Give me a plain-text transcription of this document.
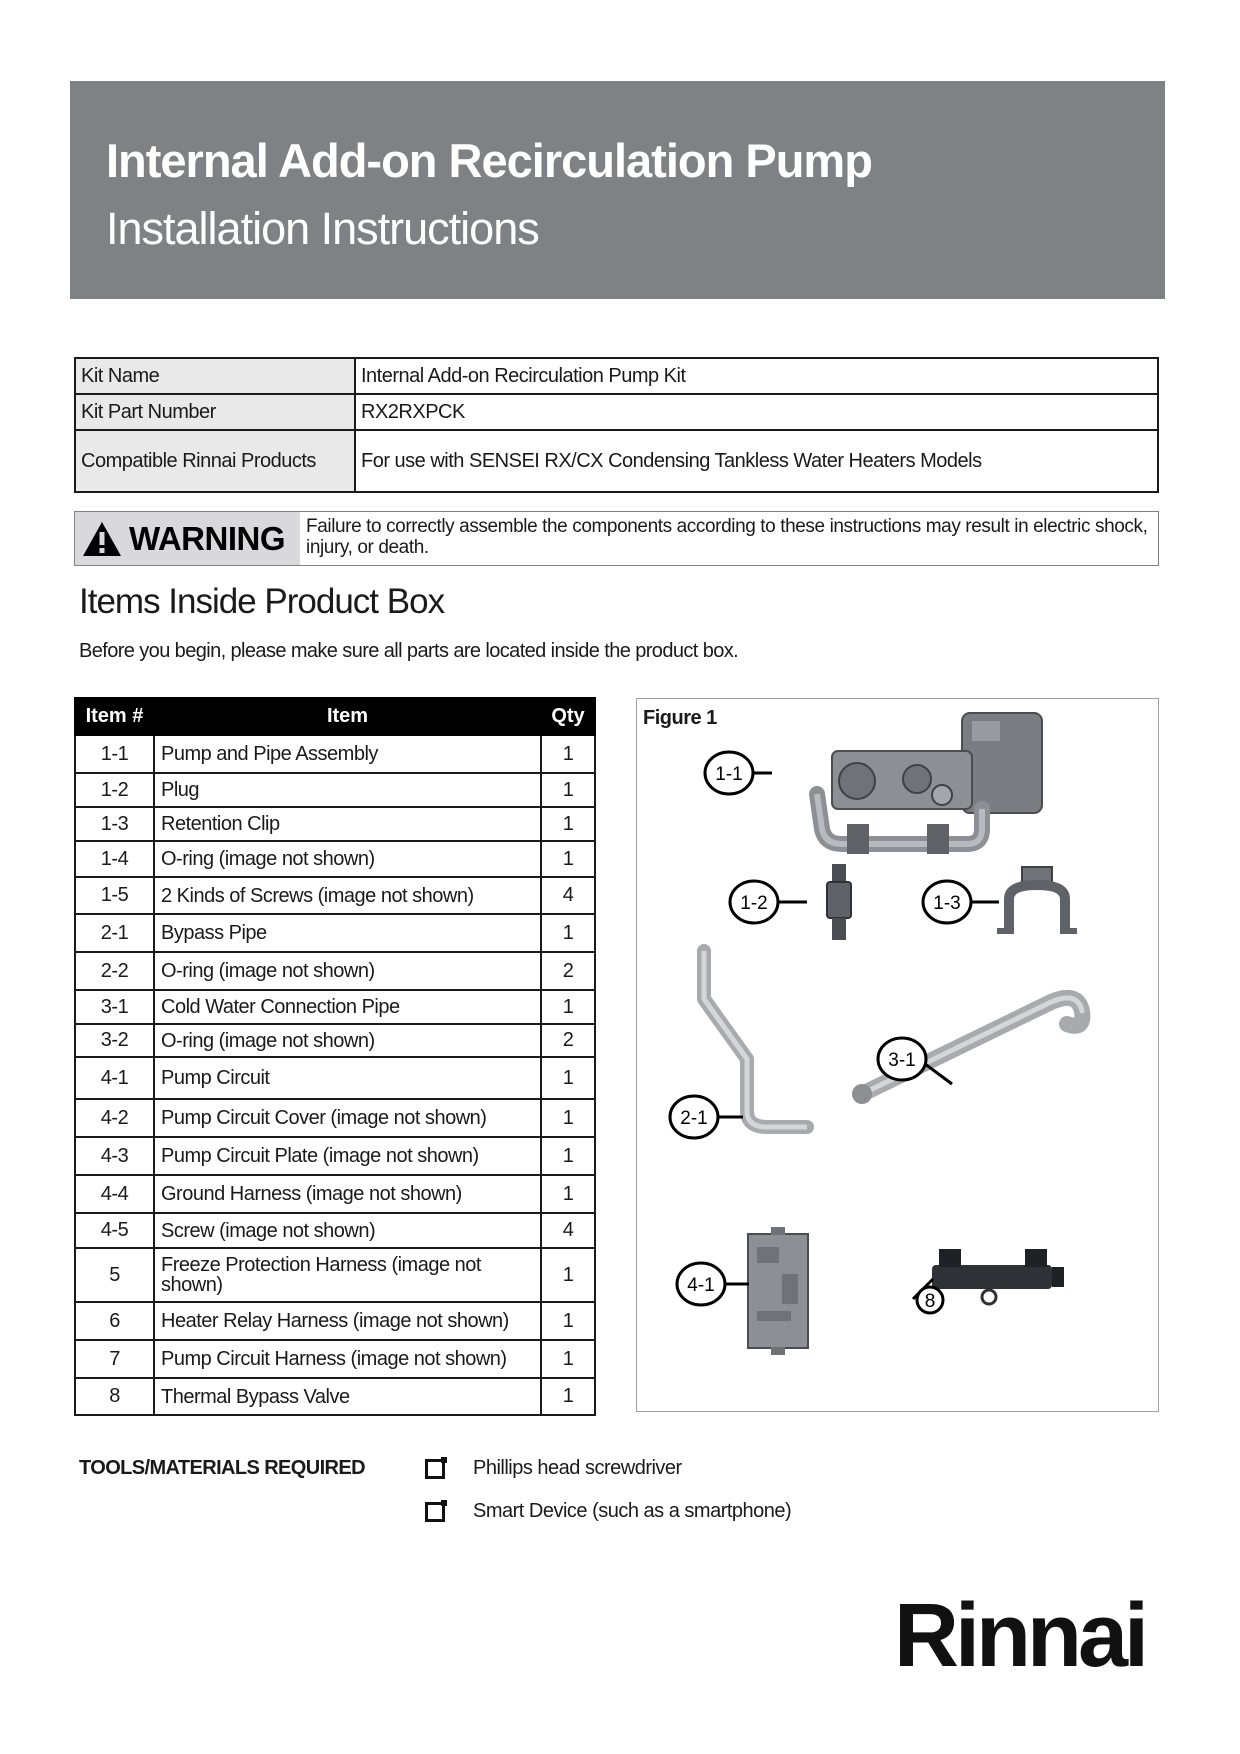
Internal Add-on Recirculation Pump
Installation Instructions
Kit Name	Internal Add-on Recirculation Pump Kit
Kit Part Number	RX2RXPCK
Compatible Rinnai Products	For use with SENSEI RX/CX Condensing Tankless Water Heaters Models
WARNING	Failure to correctly assemble the components according to these instructions may result in electric shock, injury, or death.
Items Inside Product Box
Before you begin, please make sure all parts are located inside the product box.
Item #	Item	Qty
1-1	Pump and Pipe Assembly	1
1-2	Plug	1
1-3	Retention Clip	1
1-4	O-ring (image not shown)	1
1-5	2 Kinds of Screws (image not shown)	4
2-1	Bypass Pipe	1
2-2	O-ring (image not shown)	2
3-1	Cold Water Connection Pipe	1
3-2	O-ring (image not shown)	2
4-1	Pump Circuit	1
4-2	Pump Circuit Cover (image not shown)	1
4-3	Pump Circuit Plate (image not shown)	1
4-4	Ground Harness (image not shown)	1
4-5	Screw (image not shown)	4
5	Freeze Protection Harness (image not shown)	1
6	Heater Relay Harness (image not shown)	1
7	Pump Circuit Harness (image not shown)	1
8	Thermal Bypass Valve	1
Figure 1
1-1
1-2	1-3
2-1
3-1
4-1
8
TOOLS/MATERIALS REQUIRED	Phillips head screwdriver
Smart Device (such as a smartphone)
Rinnai
